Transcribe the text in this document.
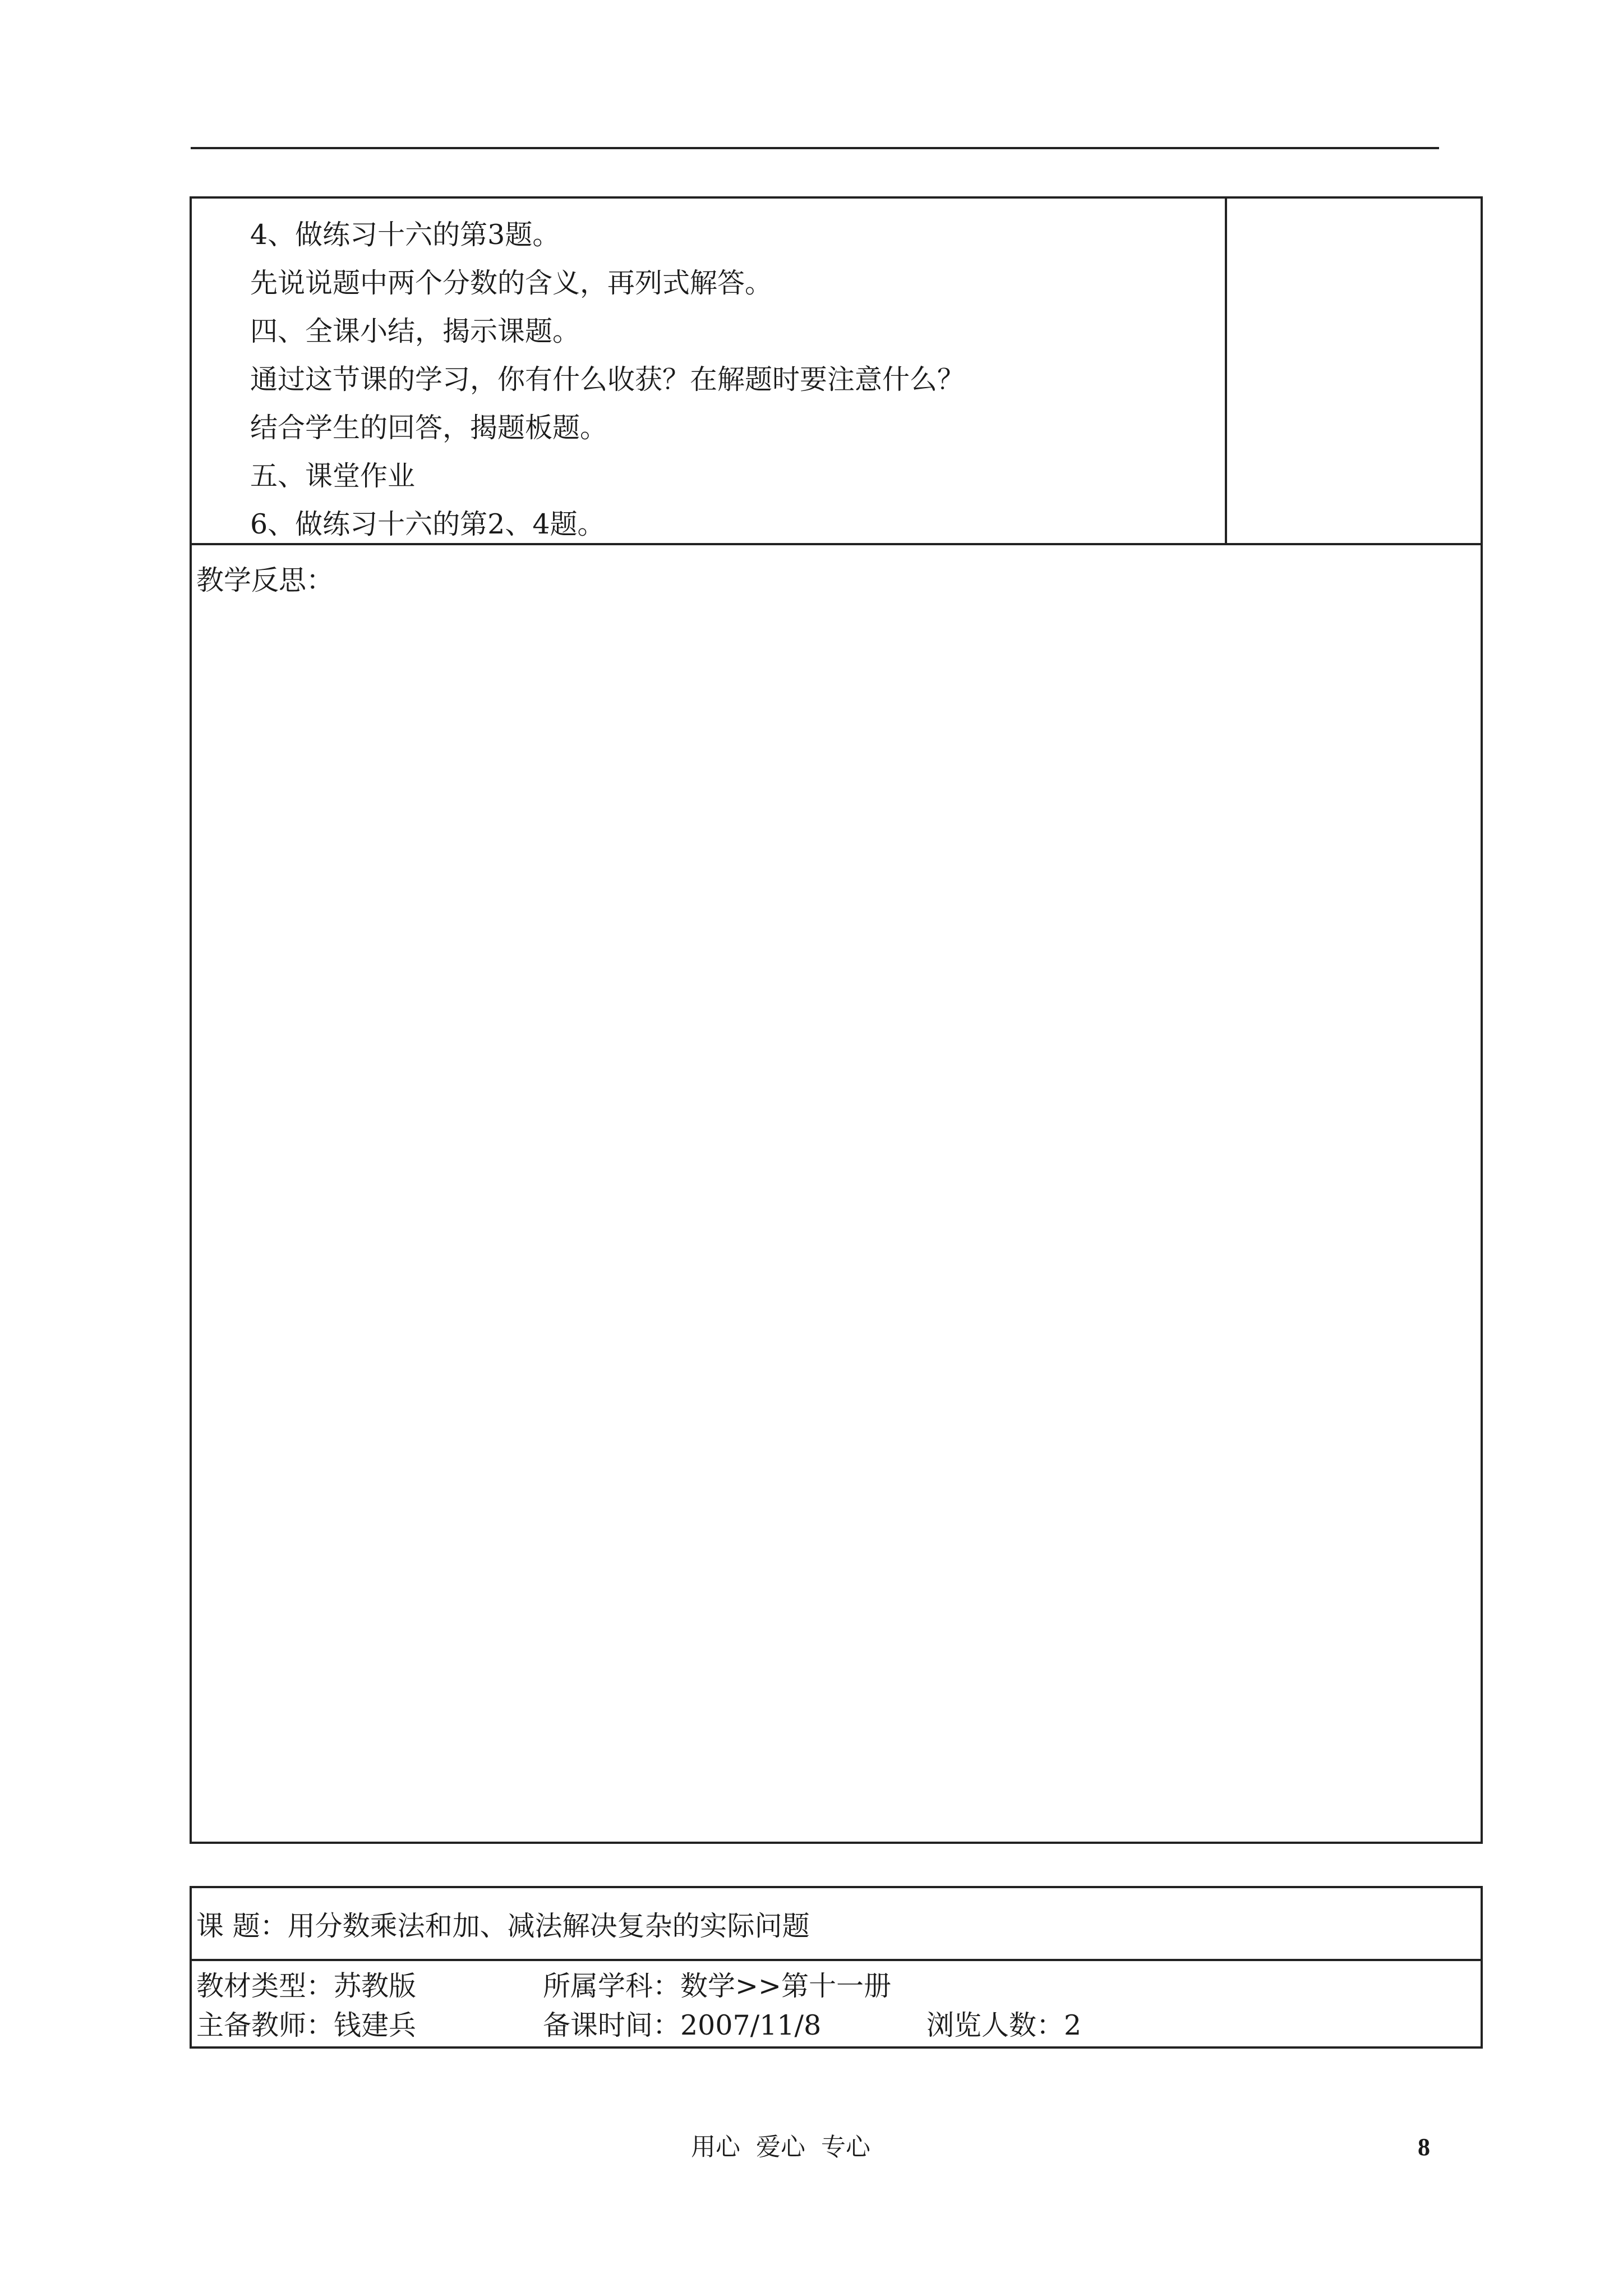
4、做练习十六的第3题。
先说说题中两个分数的含义，再列式解答。
四、全课小结，揭示课题。
通过这节课的学习，你有什么收获？在解题时要注意什么？
结合学生的回答，揭题板题。
五、课堂作业
6、做练习十六的第2、4题。
教学反思：
课 题：用分数乘法和加、减法解决复杂的实际问题
教材类型：苏教版	所属学科：数学>>第十一册
主备教师：钱建兵	备课时间：2007/11/8	浏览人数：2
用心  爱心  专心	8
